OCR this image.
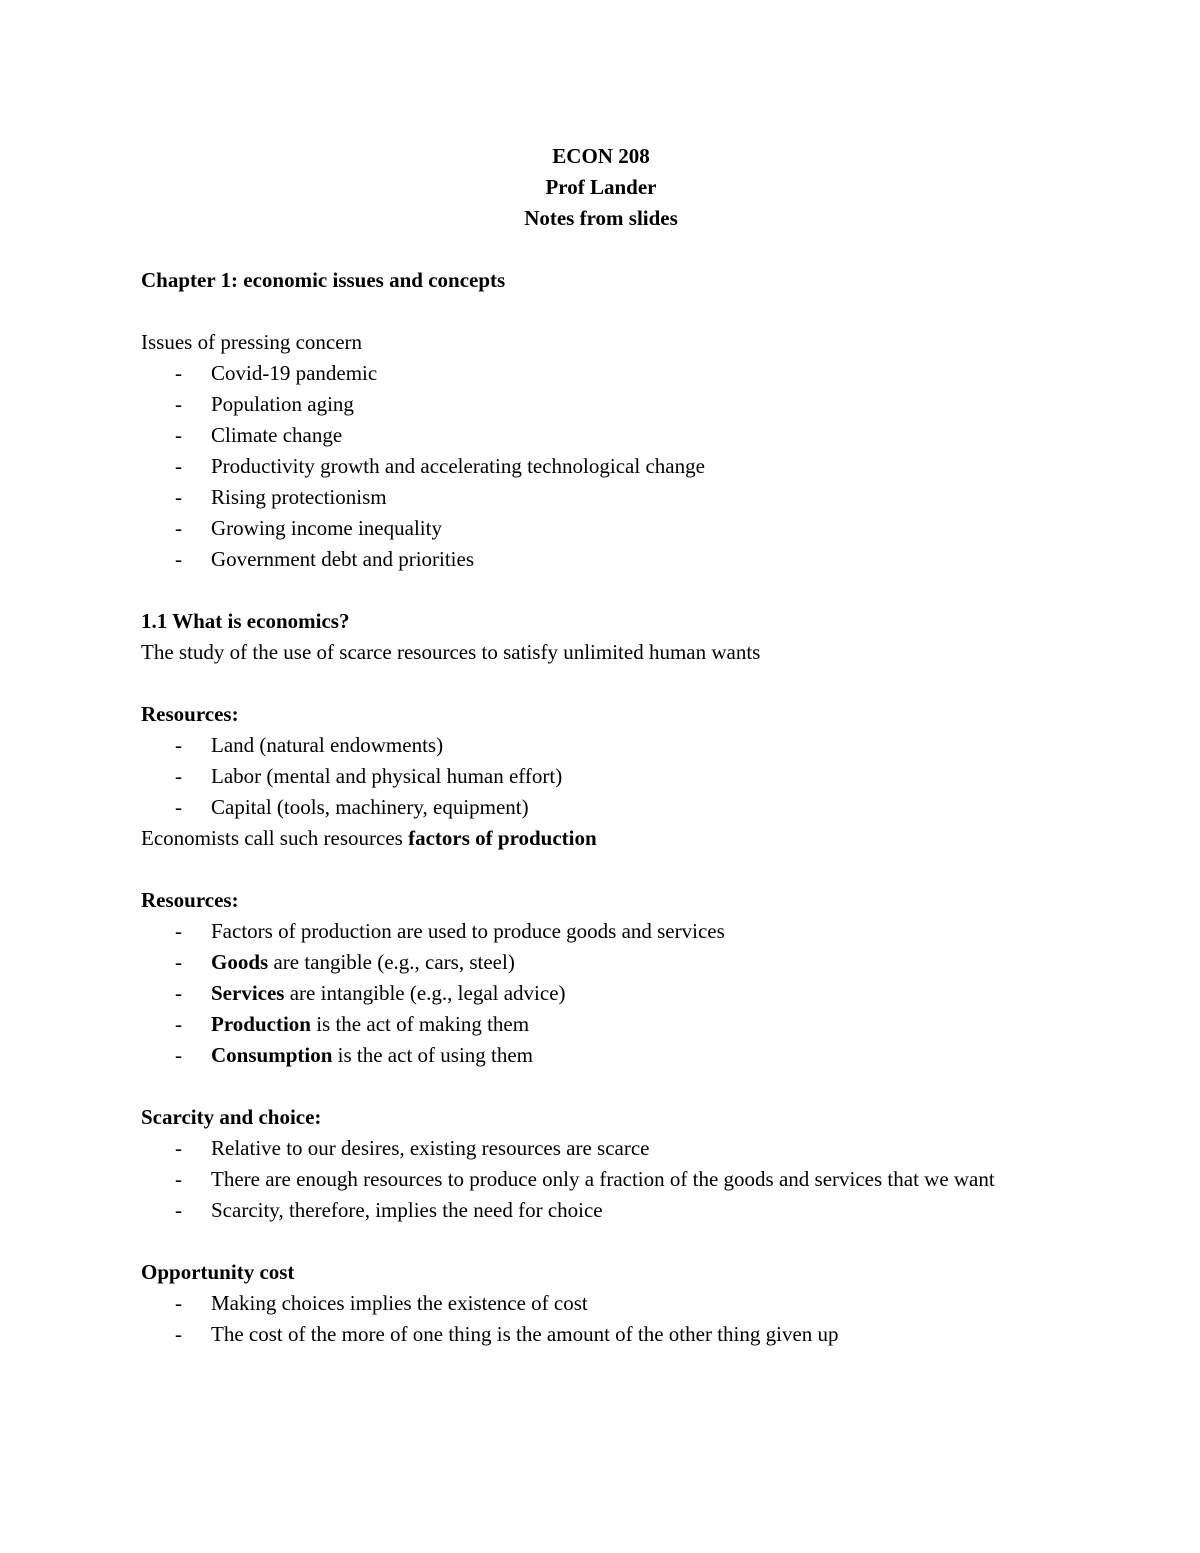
ECON 208
Prof Lander
Notes from slides
Chapter 1: economic issues and concepts
Issues of pressing concern
- Covid-19 pandemic
- Population aging
- Climate change
- Productivity growth and accelerating technological change
- Rising protectionism
- Growing income inequality
- Government debt and priorities
1.1 What is economics?
The study of the use of scarce resources to satisfy unlimited human wants
Resources:
- Land (natural endowments)
- Labor (mental and physical human effort)
- Capital (tools, machinery, equipment)
Economists call such resources factors of production
Resources:
- Factors of production are used to produce goods and services
- Goods are tangible (e.g., cars, steel)
- Services are intangible (e.g., legal advice)
- Production is the act of making them
- Consumption is the act of using them
Scarcity and choice:
- Relative to our desires, existing resources are scarce
- There are enough resources to produce only a fraction of the goods and services that we want
- Scarcity, therefore, implies the need for choice
Opportunity cost
- Making choices implies the existence of cost
- The cost of the more of one thing is the amount of the other thing given up
